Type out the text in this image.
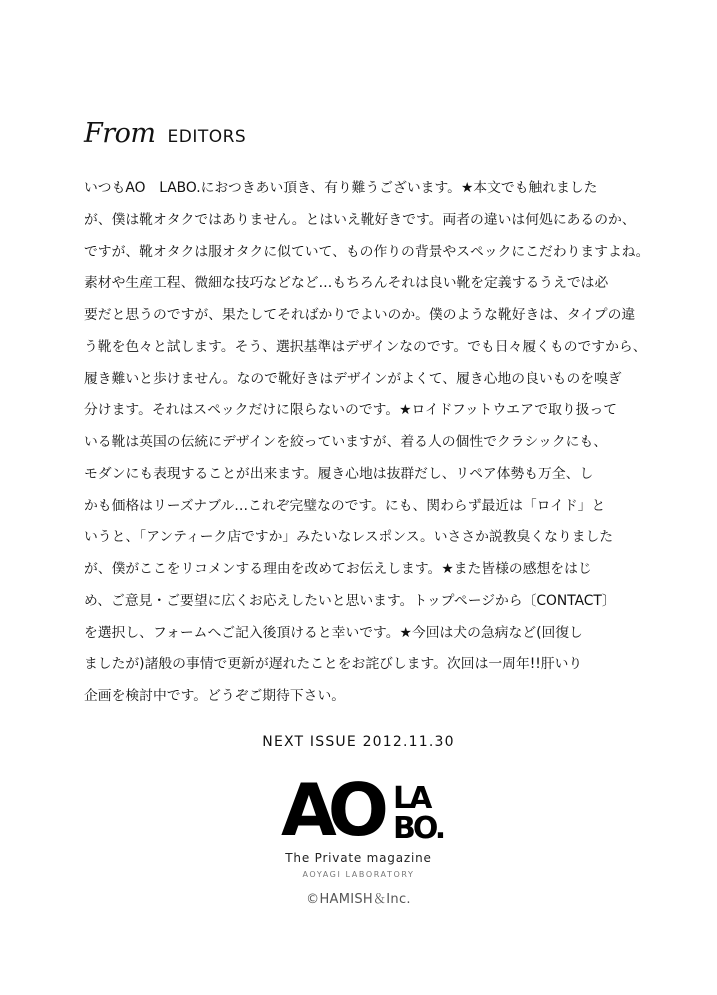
From EDITORS
いつもAO　LABO.におつきあい頂き、有り難うございます。★本文でも触れました
が、僕は靴オタクではありません。とはいえ靴好きです。両者の違いは何処にあるのか、
ですが、靴オタクは服オタクに似ていて、もの作りの背景やスペックにこだわりますよね。
素材や生産工程、微細な技巧などなど…もちろんそれは良い靴を定義するうえでは必
要だと思うのですが、果たしてそればかりでよいのか。僕のような靴好きは、タイプの違
う靴を色々と試します。そう、選択基準はデザインなのです。でも日々履くものですから、
履き難いと歩けません。なので靴好きはデザインがよくて、履き心地の良いものを嗅ぎ
分けます。それはスペックだけに限らないのです。★ロイドフットウエアで取り扱って
いる靴は英国の伝統にデザインを絞っていますが、着る人の個性でクラシックにも、
モダンにも表現することが出来ます。履き心地は抜群だし、リペア体勢も万全、し
かも価格はリーズナブル…これぞ完璧なのです。にも、関わらず最近は「ロイド」と
いうと、「アンティーク店ですか」みたいなレスポンス。いささか説教臭くなりました
が、僕がここをリコメンする理由を改めてお伝えします。★また皆様の感想をはじ
め、ご意見・ご要望に広くお応えしたいと思います。トップページから〔CONTACT〕
を選択し、フォームへご記入後頂けると幸いです。★今回は犬の急病など(回復し
ましたが)諸般の事情で更新が遅れたことをお詫びします。次回は一周年!!肝いり
企画を検討中です。どうぞご期待下さい。
NEXT ISSUE 2012.11.30
AO LA
BO.
The Private magazine
AOYAGI LABORATORY
©HAMISH＆Inc.
